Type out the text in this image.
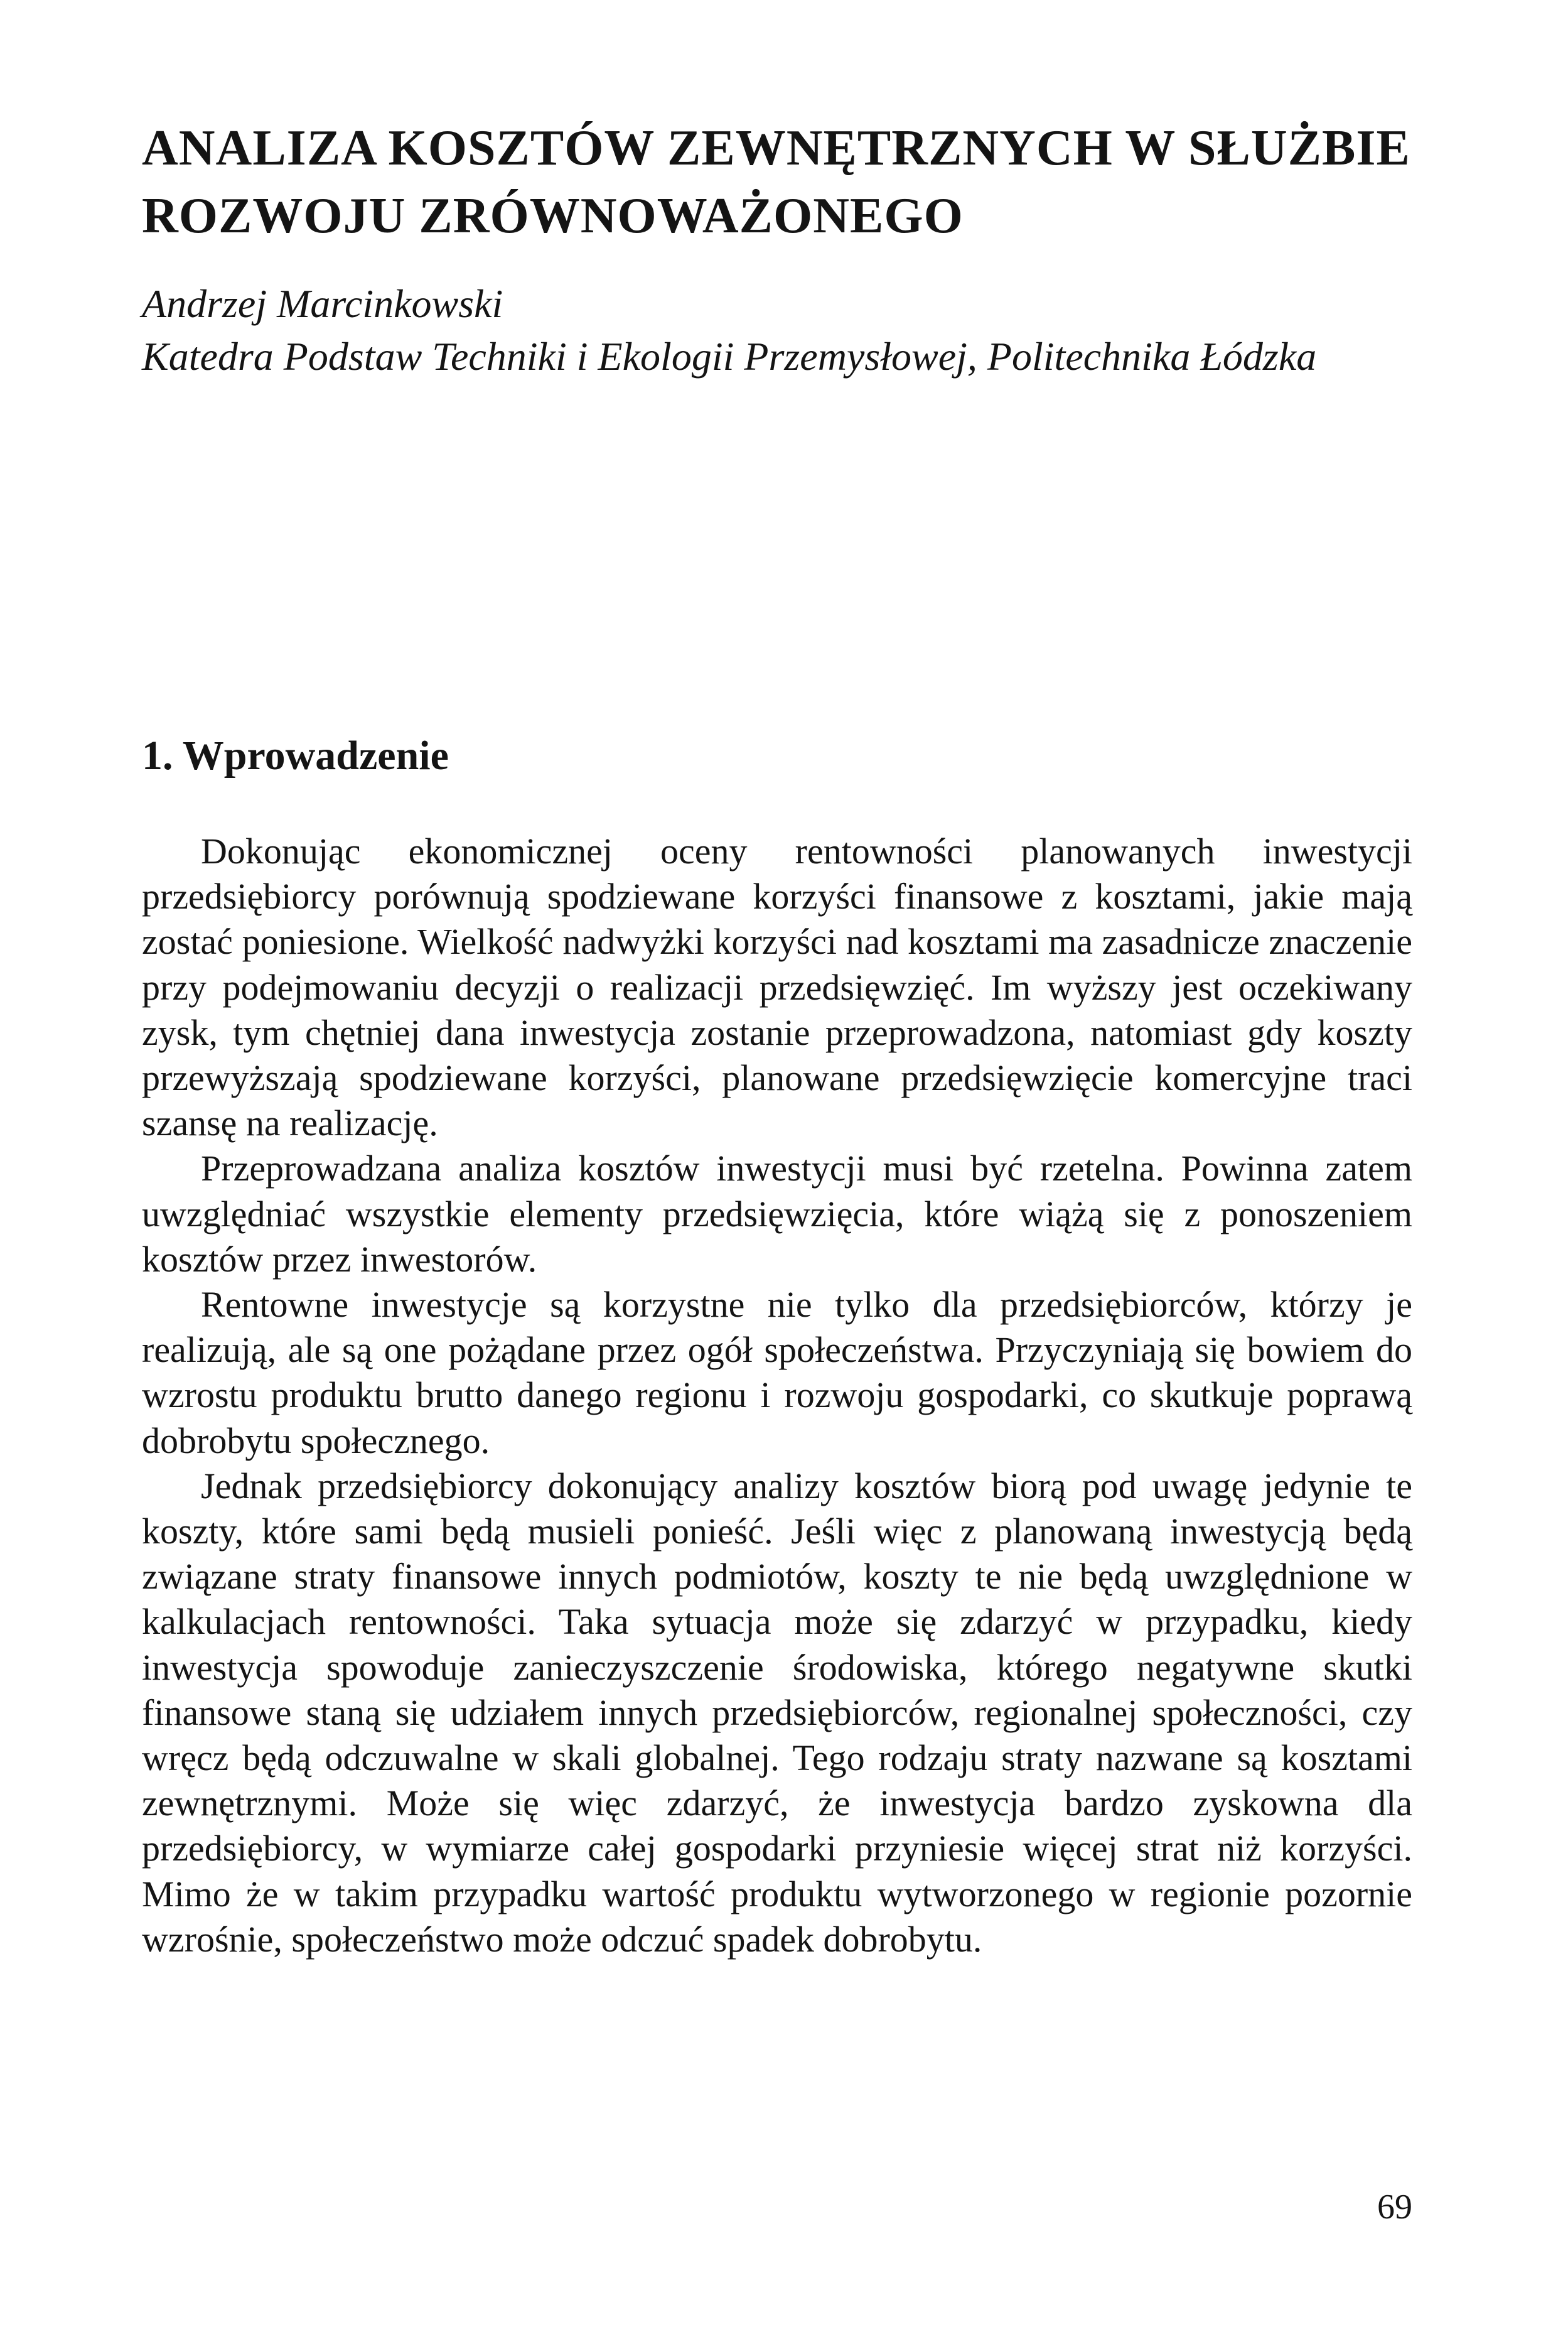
ANALIZA KOSZTÓW ZEWNĘTRZNYCH W SŁUŻBIE
ROZWOJU ZRÓWNOWAŻONEGO
Andrzej Marcinkowski
Katedra Podstaw Techniki i Ekologii Przemysłowej, Politechnika Łódzka
1. Wprowadzenie

Dokonując ekonomicznej oceny rentowności planowanych inwestycji przedsiębiorcy porównują spodziewane korzyści finansowe z kosztami, jakie mają zostać poniesione. Wielkość nadwyżki korzyści nad kosztami ma zasadnicze znaczenie przy podejmowaniu decyzji o realizacji przedsięwzięć. Im wyższy jest oczekiwany zysk, tym chętniej dana inwestycja zostanie przeprowadzona, natomiast gdy koszty przewyższają spodziewane korzyści, planowane przedsięwzięcie komercyjne traci szansę na realizację.

Przeprowadzana analiza kosztów inwestycji musi być rzetelna. Powinna zatem uwzględniać wszystkie elementy przedsięwzięcia, które wiążą się z ponoszeniem kosztów przez inwestorów.

Rentowne inwestycje są korzystne nie tylko dla przedsiębiorców, którzy je realizują, ale są one pożądane przez ogół społeczeństwa. Przyczyniają się bowiem do wzrostu produktu brutto danego regionu i rozwoju gospodarki, co skutkuje poprawą dobrobytu społecznego.

Jednak przedsiębiorcy dokonujący analizy kosztów biorą pod uwagę jedynie te koszty, które sami będą musieli ponieść. Jeśli więc z planowaną inwestycją będą związane straty finansowe innych podmiotów, koszty te nie będą uwzględnione w kalkulacjach rentowności. Taka sytuacja może się zdarzyć w przypadku, kiedy inwestycja spowoduje zanieczyszczenie środowiska, którego negatywne skutki finansowe staną się udziałem innych przedsiębiorców, regionalnej społeczności, czy wręcz będą odczuwalne w skali globalnej. Tego rodzaju straty nazwane są kosztami zewnętrznymi. Może się więc zdarzyć, że inwestycja bardzo zyskowna dla przedsiębiorcy, w wymiarze całej gospodarki przyniesie więcej strat niż korzyści. Mimo że w takim przypadku wartość produktu wytworzonego w regionie pozornie wzrośnie, społeczeństwo może odczuć spadek dobrobytu.

69
